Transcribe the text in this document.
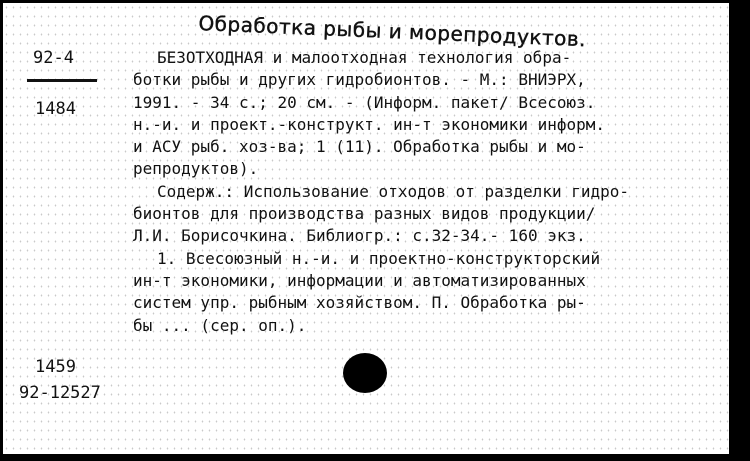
Обработка рыбы и морепродуктов.
92-4
1484
БЕЗОТХОДНАЯ и малоотходная технология обра-
ботки рыбы и других гидробионтов. - М.: ВНИЭРХ,
1991. - 34 с.; 20 см. - (Информ. пакет/ Всесоюз.
н.-и. и проект.-конструкт. ин-т экономики информ.
и АСУ рыб. хоз-ва; 1 (11). Обработка рыбы и мо-
репродуктов).
Содерж.: Использование отходов от разделки гидро-
бионтов для производства разных видов продукции/
Л.И. Борисочкина. Библиогр.: с.32-34.- 160 экз.
1. Всесоюзный н.-и. и проектно-конструкторский
ин-т экономики, информации и автоматизированных
систем упр. рыбным хозяйством. П. Обработка ры-
бы ... (сер. оп.).
1459
92-12527
